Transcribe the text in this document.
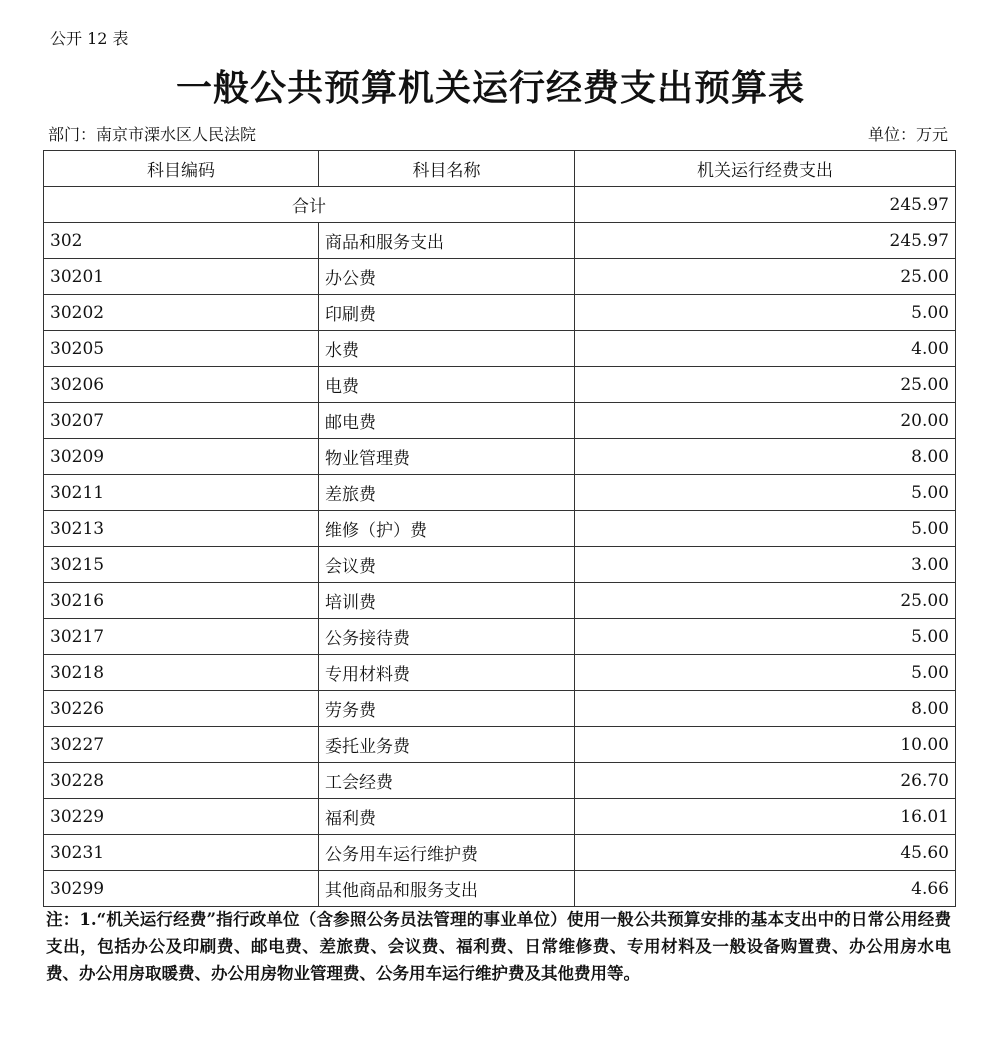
公开 12 表
一般公共预算机关运行经费支出预算表
部门：南京市溧水区人民法院	单位：万元
科目编码	科目名称	机关运行经费支出
合计		245.97
302	商品和服务支出	245.97
30201	办公费	25.00
30202	印刷费	5.00
30205	水费	4.00
30206	电费	25.00
30207	邮电费	20.00
30209	物业管理费	8.00
30211	差旅费	5.00
30213	维修（护）费	5.00
30215	会议费	3.00
30216	培训费	25.00
30217	公务接待费	5.00
30218	专用材料费	5.00
30226	劳务费	8.00
30227	委托业务费	10.00
30228	工会经费	26.70
30229	福利费	16.01
30231	公务用车运行维护费	45.60
30299	其他商品和服务支出	4.66
注：1.“机关运行经费”指行政单位（含参照公务员法管理的事业单位）使用一般公共预算安排的基本支出中的日常公用经费支出，包括办公及印刷费、邮电费、差旅费、会议费、福利费、日常维修费、专用材料及一般设备购置费、办公用房水电费、办公用房取暖费、办公用房物业管理费、公务用车运行维护费及其他费用等。
